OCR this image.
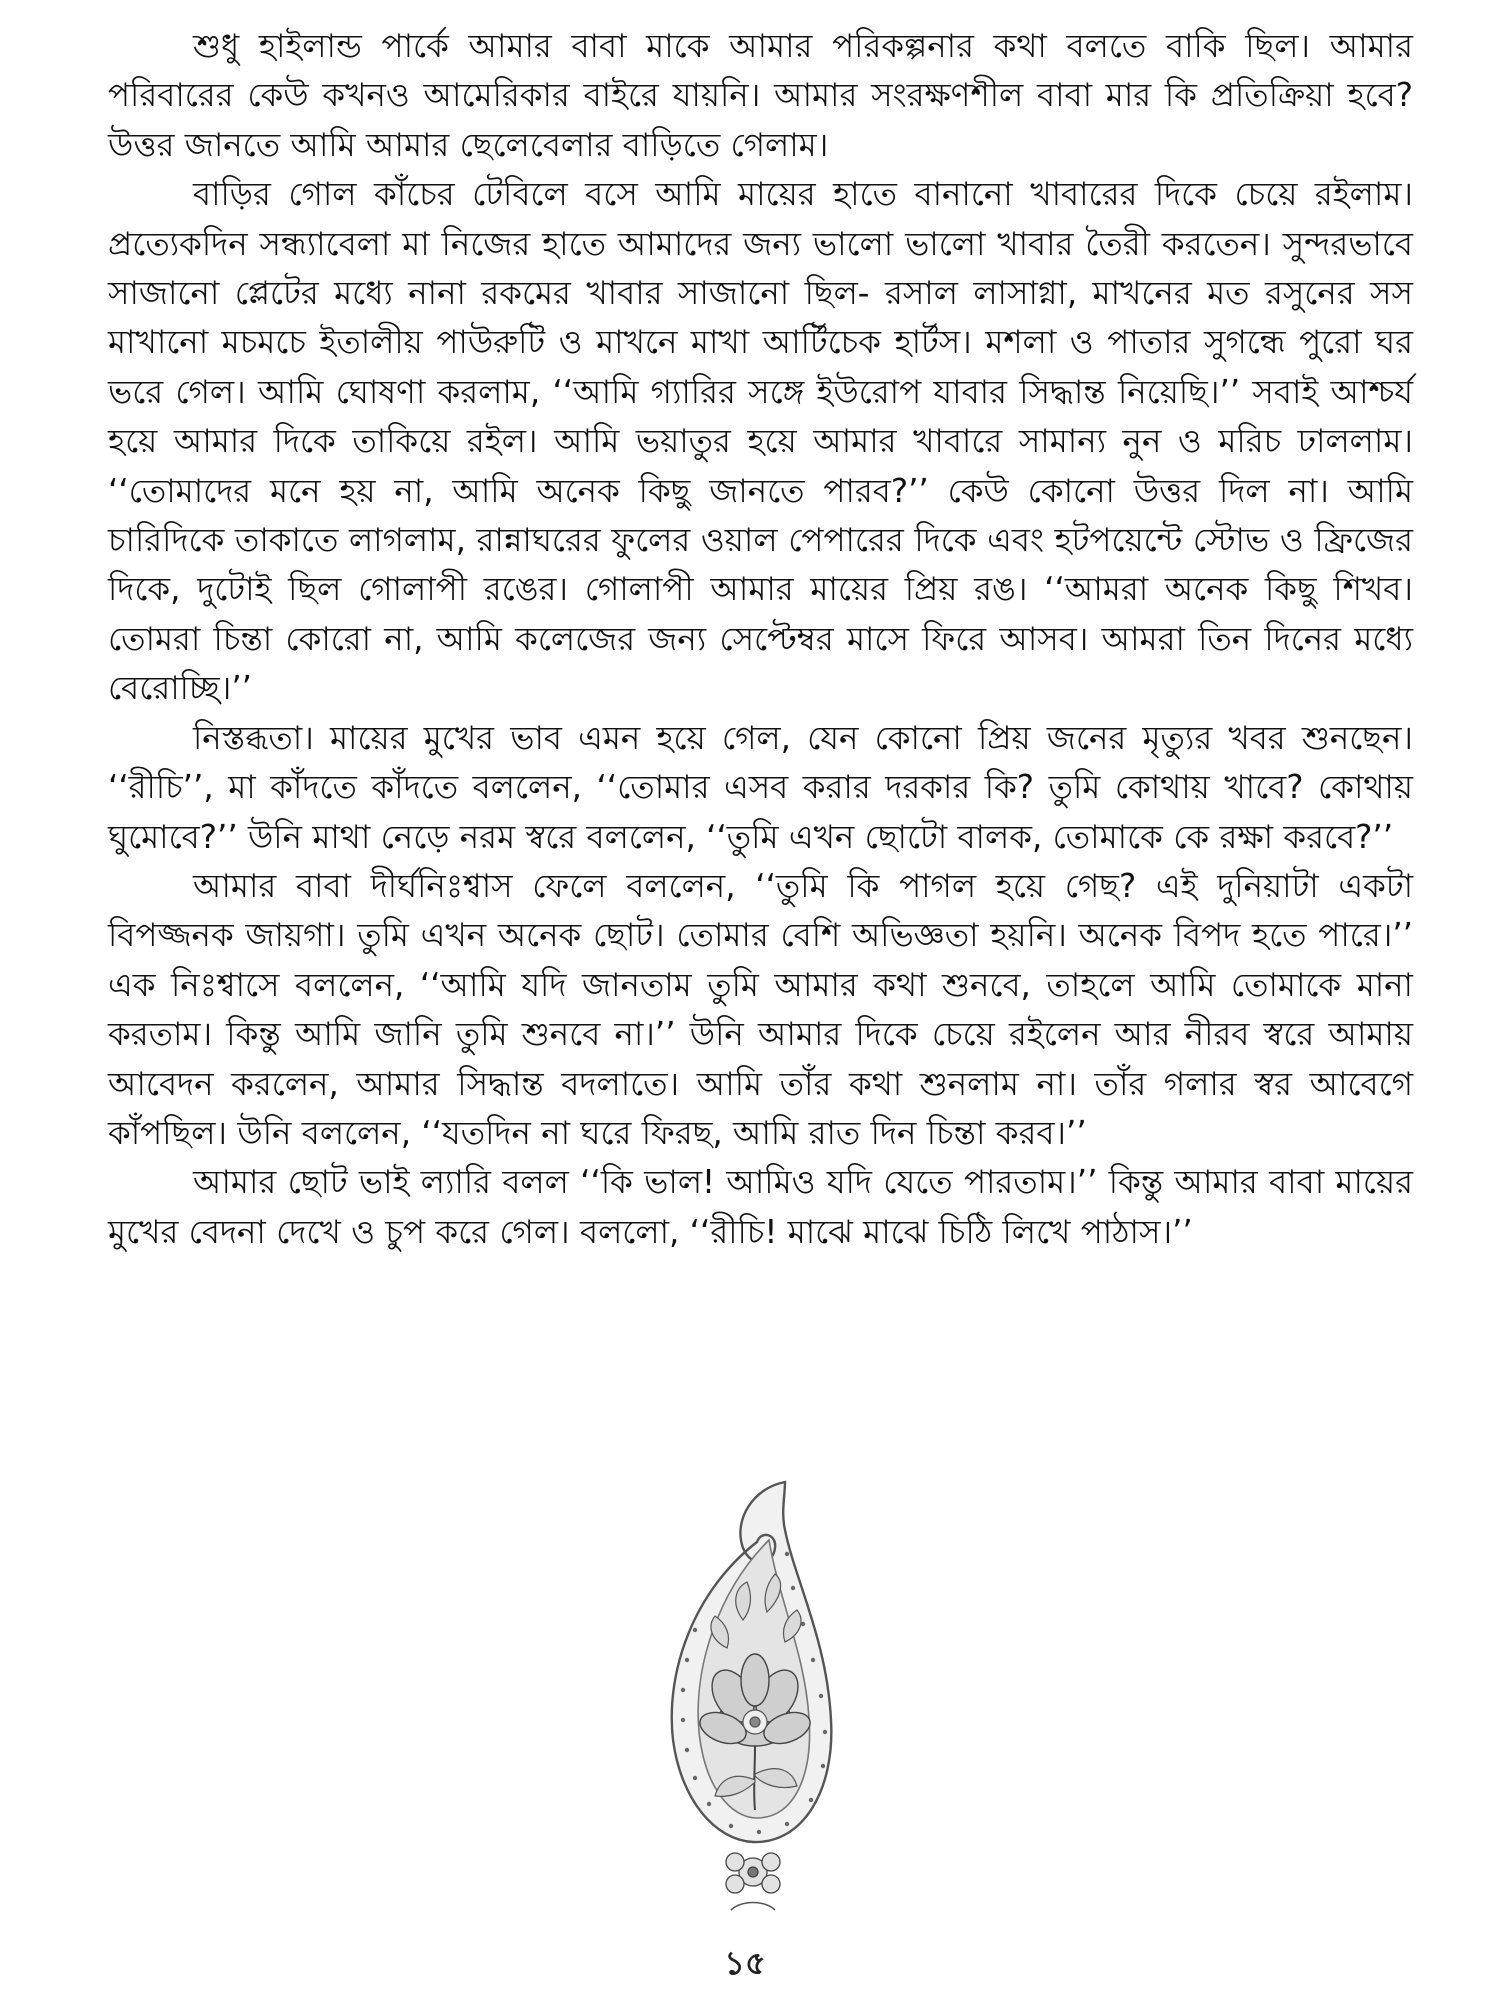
শুধু হাইলান্ড পার্কে আমার বাবা মাকে আমার পরিকল্পনার কথা বলতে বাকি ছিল। আমার পরিবারের কেউ কখনও আমেরিকার বাইরে যায়নি। আমার সংরক্ষণশীল বাবা মার কি প্রতিক্রিয়া হবে? উত্তর জানতে আমি আমার ছেলেবেলার বাড়িতে গেলাম।

বাড়ির গোল কাঁচের টেবিলে বসে আমি মায়ের হাতে বানানো খাবারের দিকে চেয়ে রইলাম। প্রত্যেকদিন সন্ধ্যাবেলা মা নিজের হাতে আমাদের জন্য ভালো ভালো খাবার তৈরী করতেন। সুন্দরভাবে সাজানো প্লেটের মধ্যে নানা রকমের খাবার সাজানো ছিল- রসাল লাসাগ্না, মাখনের মত রসুনের সস মাখানো মচমচে ইতালীয় পাউরুটি ও মাখনে মাখা আর্টিচেক হার্টস। মশলা ও পাতার সুগন্ধে পুরো ঘর ভরে গেল। আমি ঘোষণা করলাম, ‘‘আমি গ্যারির সঙ্গে ইউরোপ যাবার সিদ্ধান্ত নিয়েছি।’’ সবাই আশ্চর্য হয়ে আমার দিকে তাকিয়ে রইল। আমি ভয়াতুর হয়ে আমার খাবারে সামান্য নুন ও মরিচ ঢাললাম। ‘‘তোমাদের মনে হয় না, আমি অনেক কিছু জানতে পারব?’’ কেউ কোনো উত্তর দিল না। আমি চারিদিকে তাকাতে লাগলাম, রান্নাঘরের ফুলের ওয়াল পেপারের দিকে এবং হটপয়েন্টে স্টোভ ও ফ্রিজের দিকে, দুটোই ছিল গোলাপী রঙের। গোলাপী আমার মায়ের প্রিয় রঙ। ‘‘আমরা অনেক কিছু শিখব। তোমরা চিন্তা কোরো না, আমি কলেজের জন্য সেপ্টেম্বর মাসে ফিরে আসব। আমরা তিন দিনের মধ্যে বেরোচ্ছি।’’

নিস্তব্ধতা। মায়ের মুখের ভাব এমন হয়ে গেল, যেন কোনো প্রিয় জনের মৃত্যুর খবর শুনছেন। ‘‘রীচি’’, মা কাঁদতে কাঁদতে বললেন, ‘‘তোমার এসব করার দরকার কি? তুমি কোথায় খাবে? কোথায় ঘুমোবে?’’ উনি মাথা নেড়ে নরম স্বরে বললেন, ‘‘তুমি এখন ছোটো বালক, তোমাকে কে রক্ষা করবে?’’

আমার বাবা দীর্ঘনিঃশ্বাস ফেলে বললেন, ‘‘তুমি কি পাগল হয়ে গেছ? এই দুনিয়াটা একটা বিপজ্জনক জায়গা। তুমি এখন অনেক ছোট। তোমার বেশি অভিজ্ঞতা হয়নি। অনেক বিপদ হতে পারে।’’ এক নিঃশ্বাসে বললেন, ‘‘আমি যদি জানতাম তুমি আমার কথা শুনবে, তাহলে আমি তোমাকে মানা করতাম। কিন্তু আমি জানি তুমি শুনবে না।’’ উনি আমার দিকে চেয়ে রইলেন আর নীরব স্বরে আমায় আবেদন করলেন, আমার সিদ্ধান্ত বদলাতে। আমি তাঁর কথা শুনলাম না। তাঁর গলার স্বর আবেগে কাঁপছিল। উনি বললেন, ‘‘যতদিন না ঘরে ফিরছ, আমি রাত দিন চিন্তা করব।’’

আমার ছোট ভাই ল্যারি বলল ‘‘কি ভাল! আমিও যদি যেতে পারতাম।’’ কিন্তু আমার বাবা মায়ের মুখের বেদনা দেখে ও চুপ করে গেল। বললো, ‘‘রীচি! মাঝে মাঝে চিঠি লিখে পাঠাস।’’

১৫
